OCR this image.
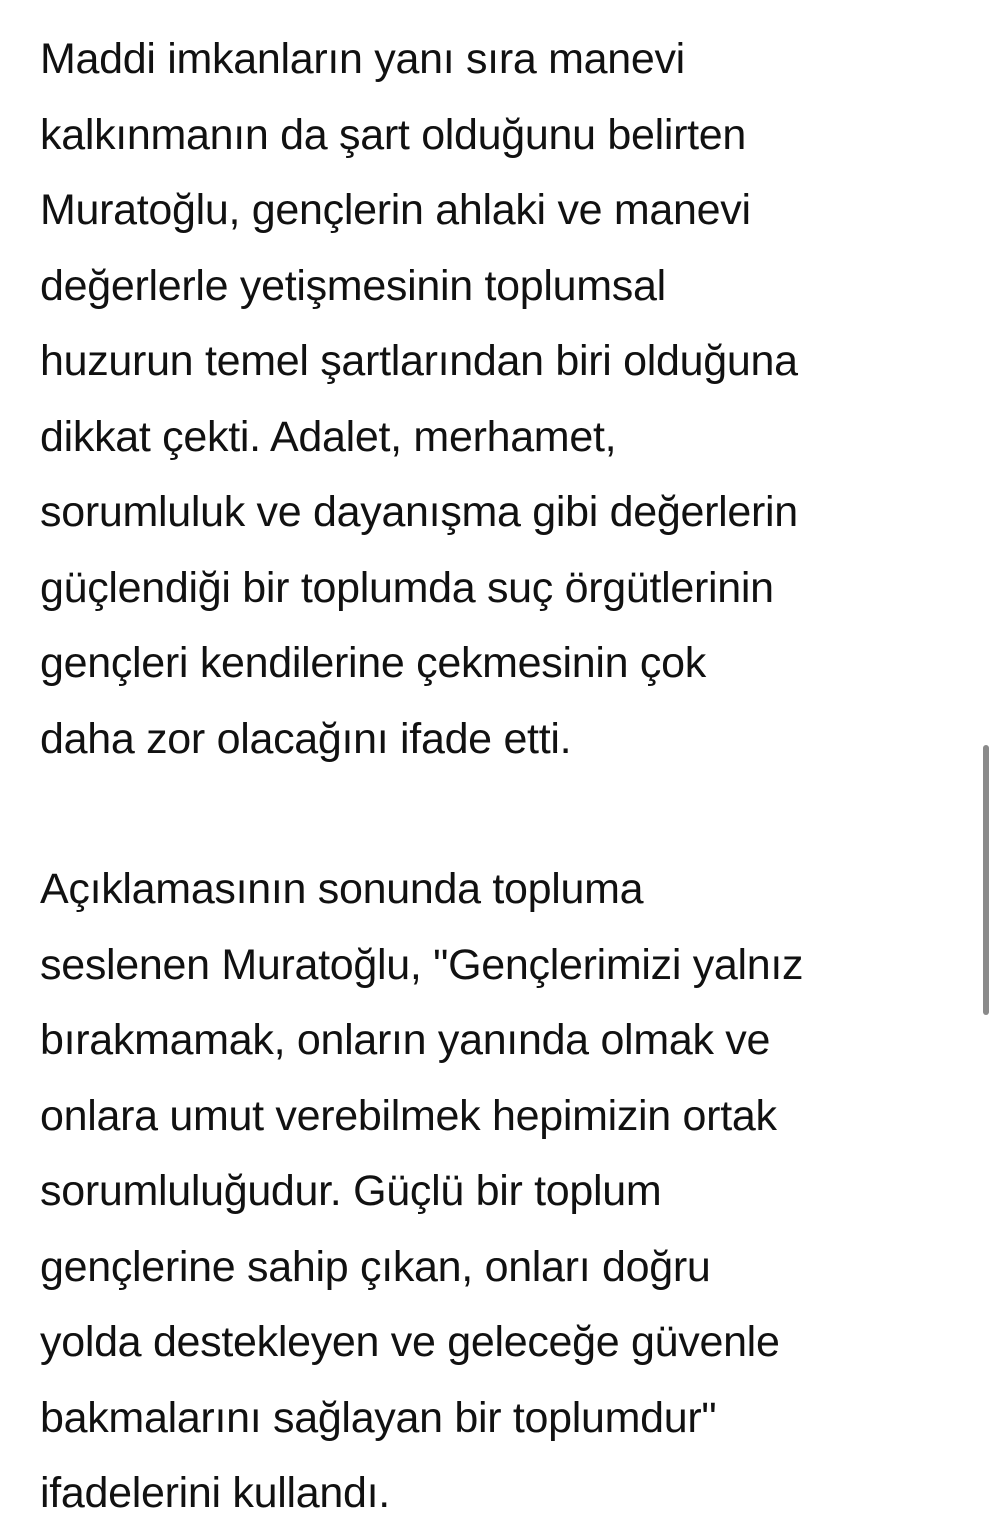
Maddi imkanların yanı sıra manevi
kalkınmanın da şart olduğunu belirten
Muratoğlu, gençlerin ahlaki ve manevi
değerlerle yetişmesinin toplumsal
huzurun temel şartlarından biri olduğuna
dikkat çekti. Adalet, merhamet,
sorumluluk ve dayanışma gibi değerlerin
güçlendiği bir toplumda suç örgütlerinin
gençleri kendilerine çekmesinin çok
daha zor olacağını ifade etti.

Açıklamasının sonunda topluma
seslenen Muratoğlu, "Gençlerimizi yalnız
bırakmamak, onların yanında olmak ve
onlara umut verebilmek hepimizin ortak
sorumluluğudur. Güçlü bir toplum
gençlerine sahip çıkan, onları doğru
yolda destekleyen ve geleceğe güvenle
bakmalarını sağlayan bir toplumdur"
ifadelerini kullandı.
